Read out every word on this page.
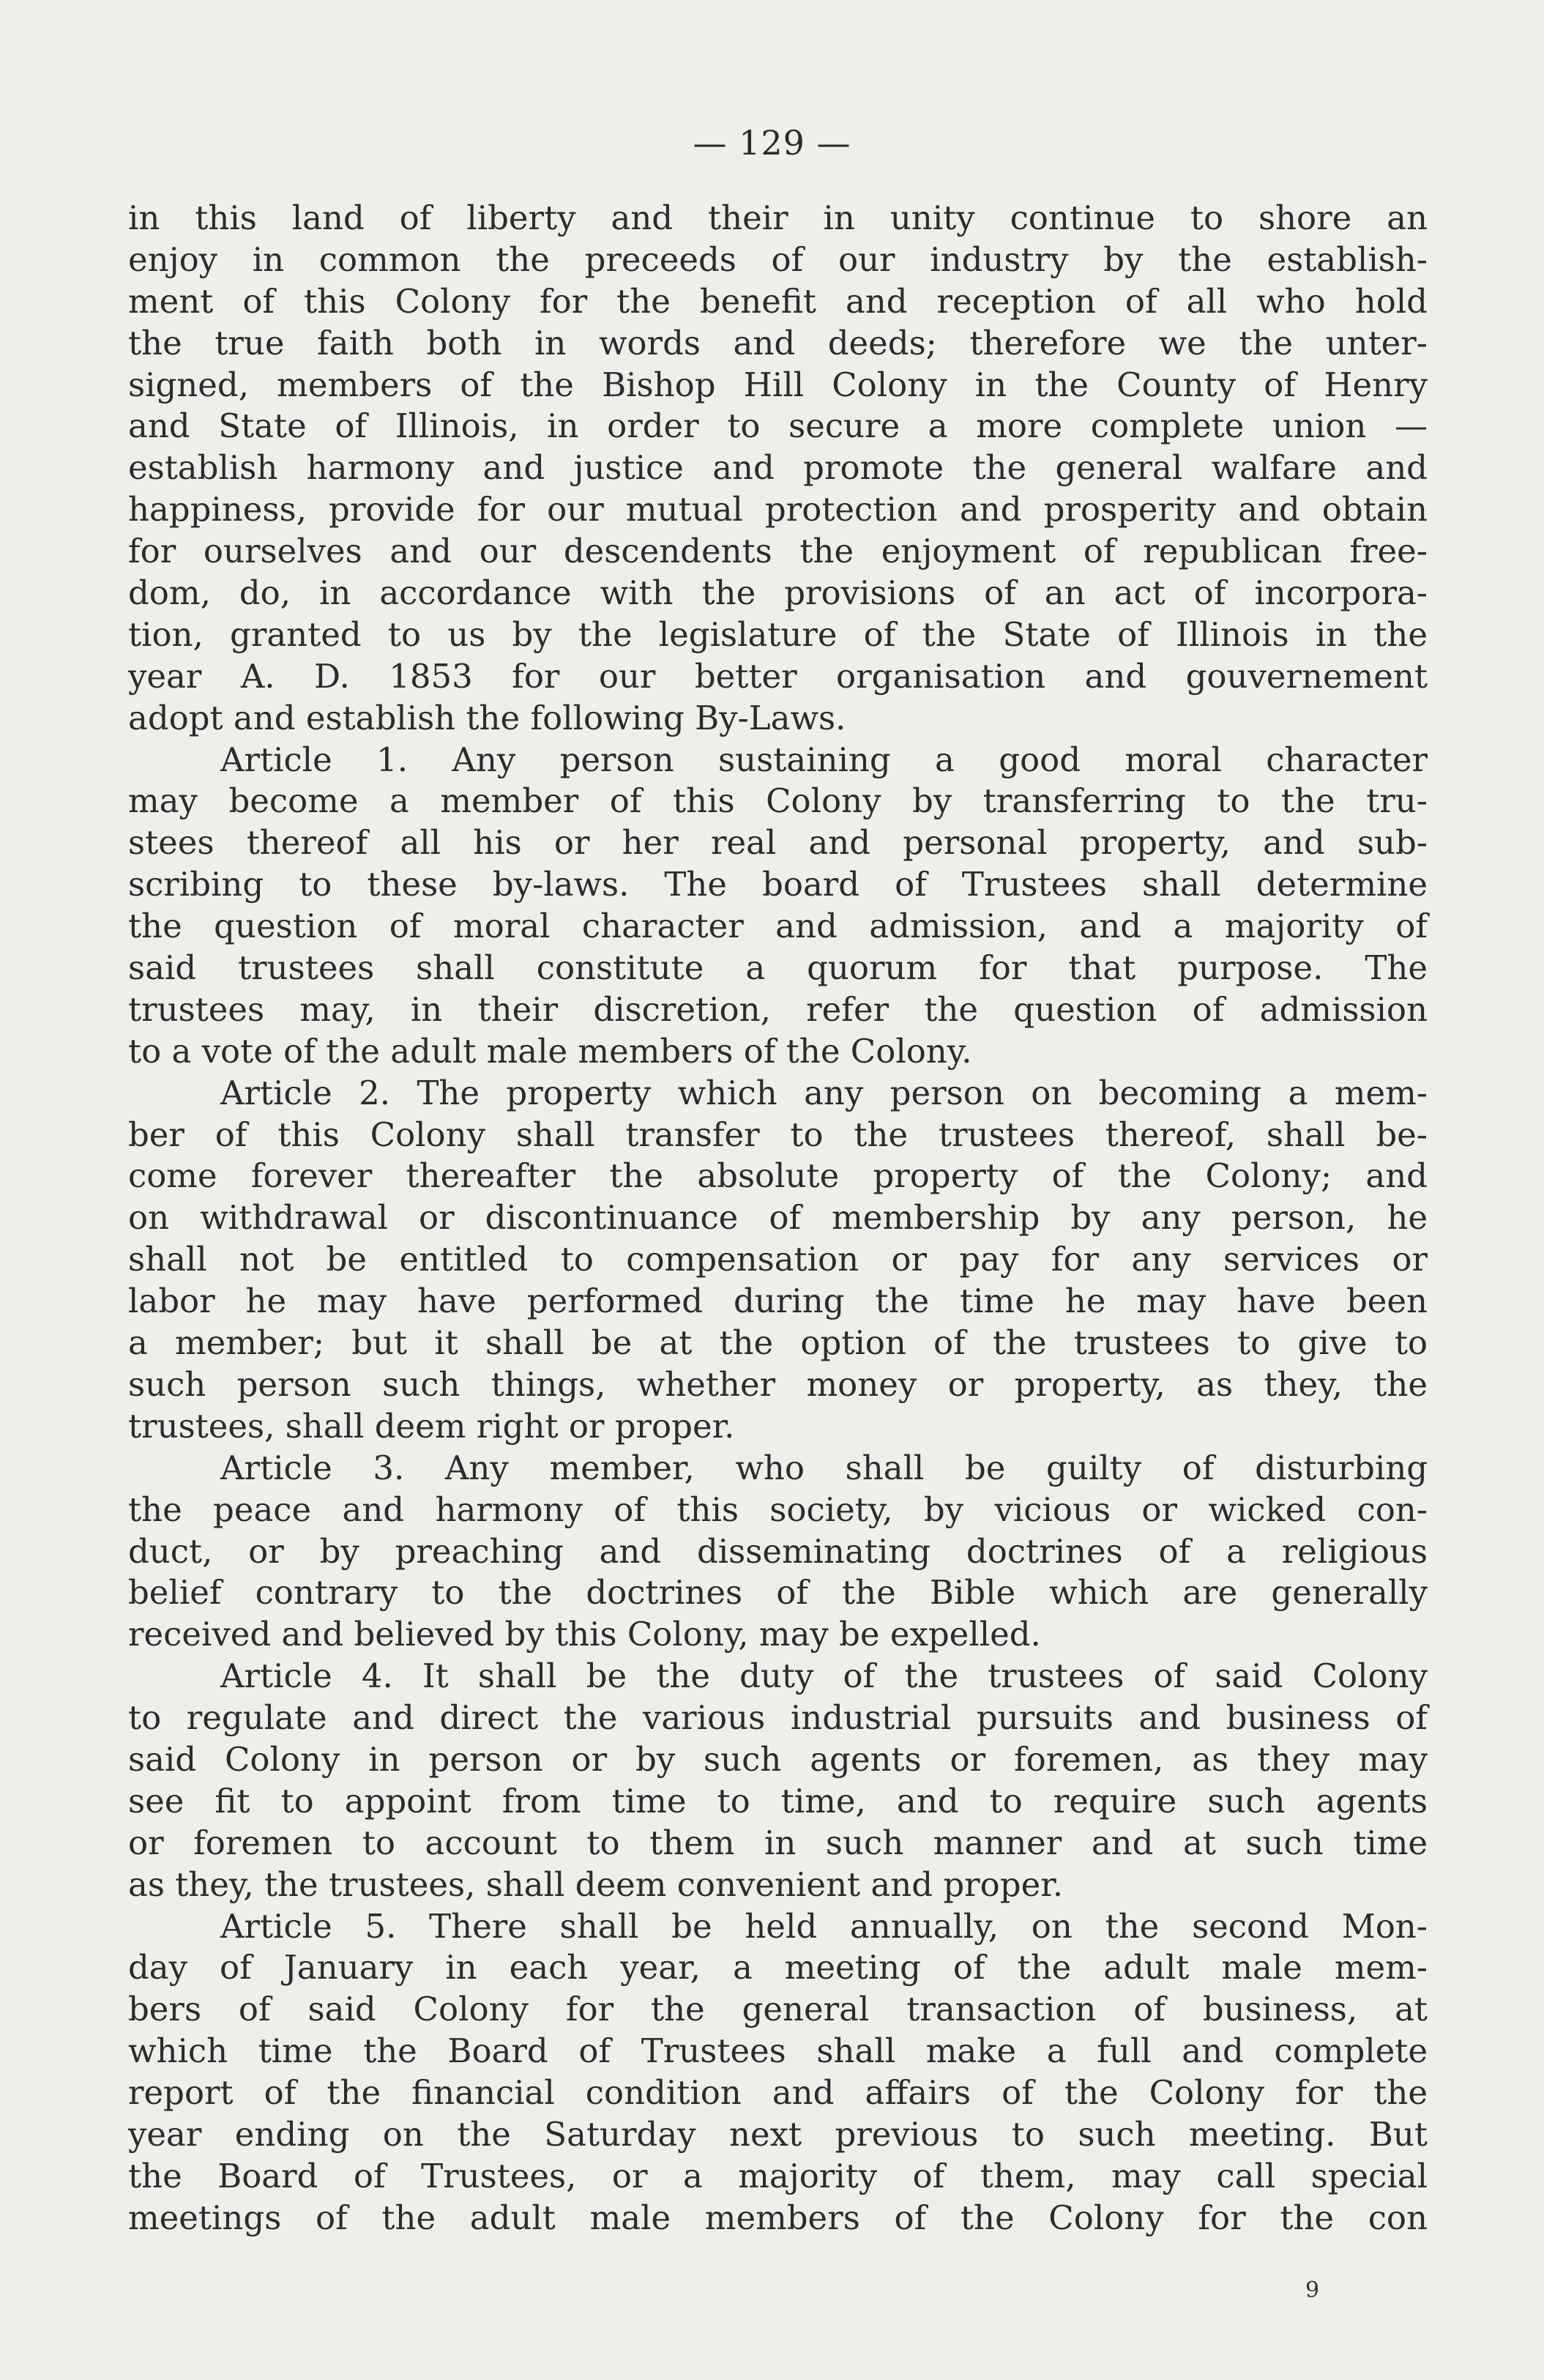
— 129 —
in this land of liberty and their in unity continue to shore an
enjoy in common the preceeds of our industry by the establish-
ment of this Colony for the benefit and reception of all who hold
the true faith both in words and deeds; therefore we the unter-
signed, members of the Bishop Hill Colony in the County of Henry
and State of Illinois, in order to secure a more complete union —
establish harmony and justice and promote the general walfare and
happiness, provide for our mutual protection and prosperity and obtain
for ourselves and our descendents the enjoyment of republican free-
dom, do, in accordance with the provisions of an act of incorpora-
tion, granted to us by the legislature of the State of Illinois in the
year A. D. 1853 for our better organisation and gouvernement
adopt and establish the following By-Laws.
Article 1. Any person sustaining a good moral character
may become a member of this Colony by transferring to the tru-
stees thereof all his or her real and personal property, and sub-
scribing to these by-laws. The board of Trustees shall determine
the question of moral character and admission, and a majority of
said trustees shall constitute a quorum for that purpose. The
trustees may, in their discretion, refer the question of admission
to a vote of the adult male members of the Colony.
Article 2. The property which any person on becoming a mem-
ber of this Colony shall transfer to the trustees thereof, shall be-
come forever thereafter the absolute property of the Colony; and
on withdrawal or discontinuance of membership by any person, he
shall not be entitled to compensation or pay for any services or
labor he may have performed during the time he may have been
a member; but it shall be at the option of the trustees to give to
such person such things, whether money or property, as they, the
trustees, shall deem right or proper.
Article 3. Any member, who shall be guilty of disturbing
the peace and harmony of this society, by vicious or wicked con-
duct, or by preaching and disseminating doctrines of a religious
belief contrary to the doctrines of the Bible which are generally
received and believed by this Colony, may be expelled.
Article 4. It shall be the duty of the trustees of said Colony
to regulate and direct the various industrial pursuits and business of
said Colony in person or by such agents or foremen, as they may
see fit to appoint from time to time, and to require such agents
or foremen to account to them in such manner and at such time
as they, the trustees, shall deem convenient and proper.
Article 5. There shall be held annually, on the second Mon-
day of January in each year, a meeting of the adult male mem-
bers of said Colony for the general transaction of business, at
which time the Board of Trustees shall make a full and complete
report of the financial condition and affairs of the Colony for the
year ending on the Saturday next previous to such meeting. But
the Board of Trustees, or a majority of them, may call special
meetings of the adult male members of the Colony for the con
9
